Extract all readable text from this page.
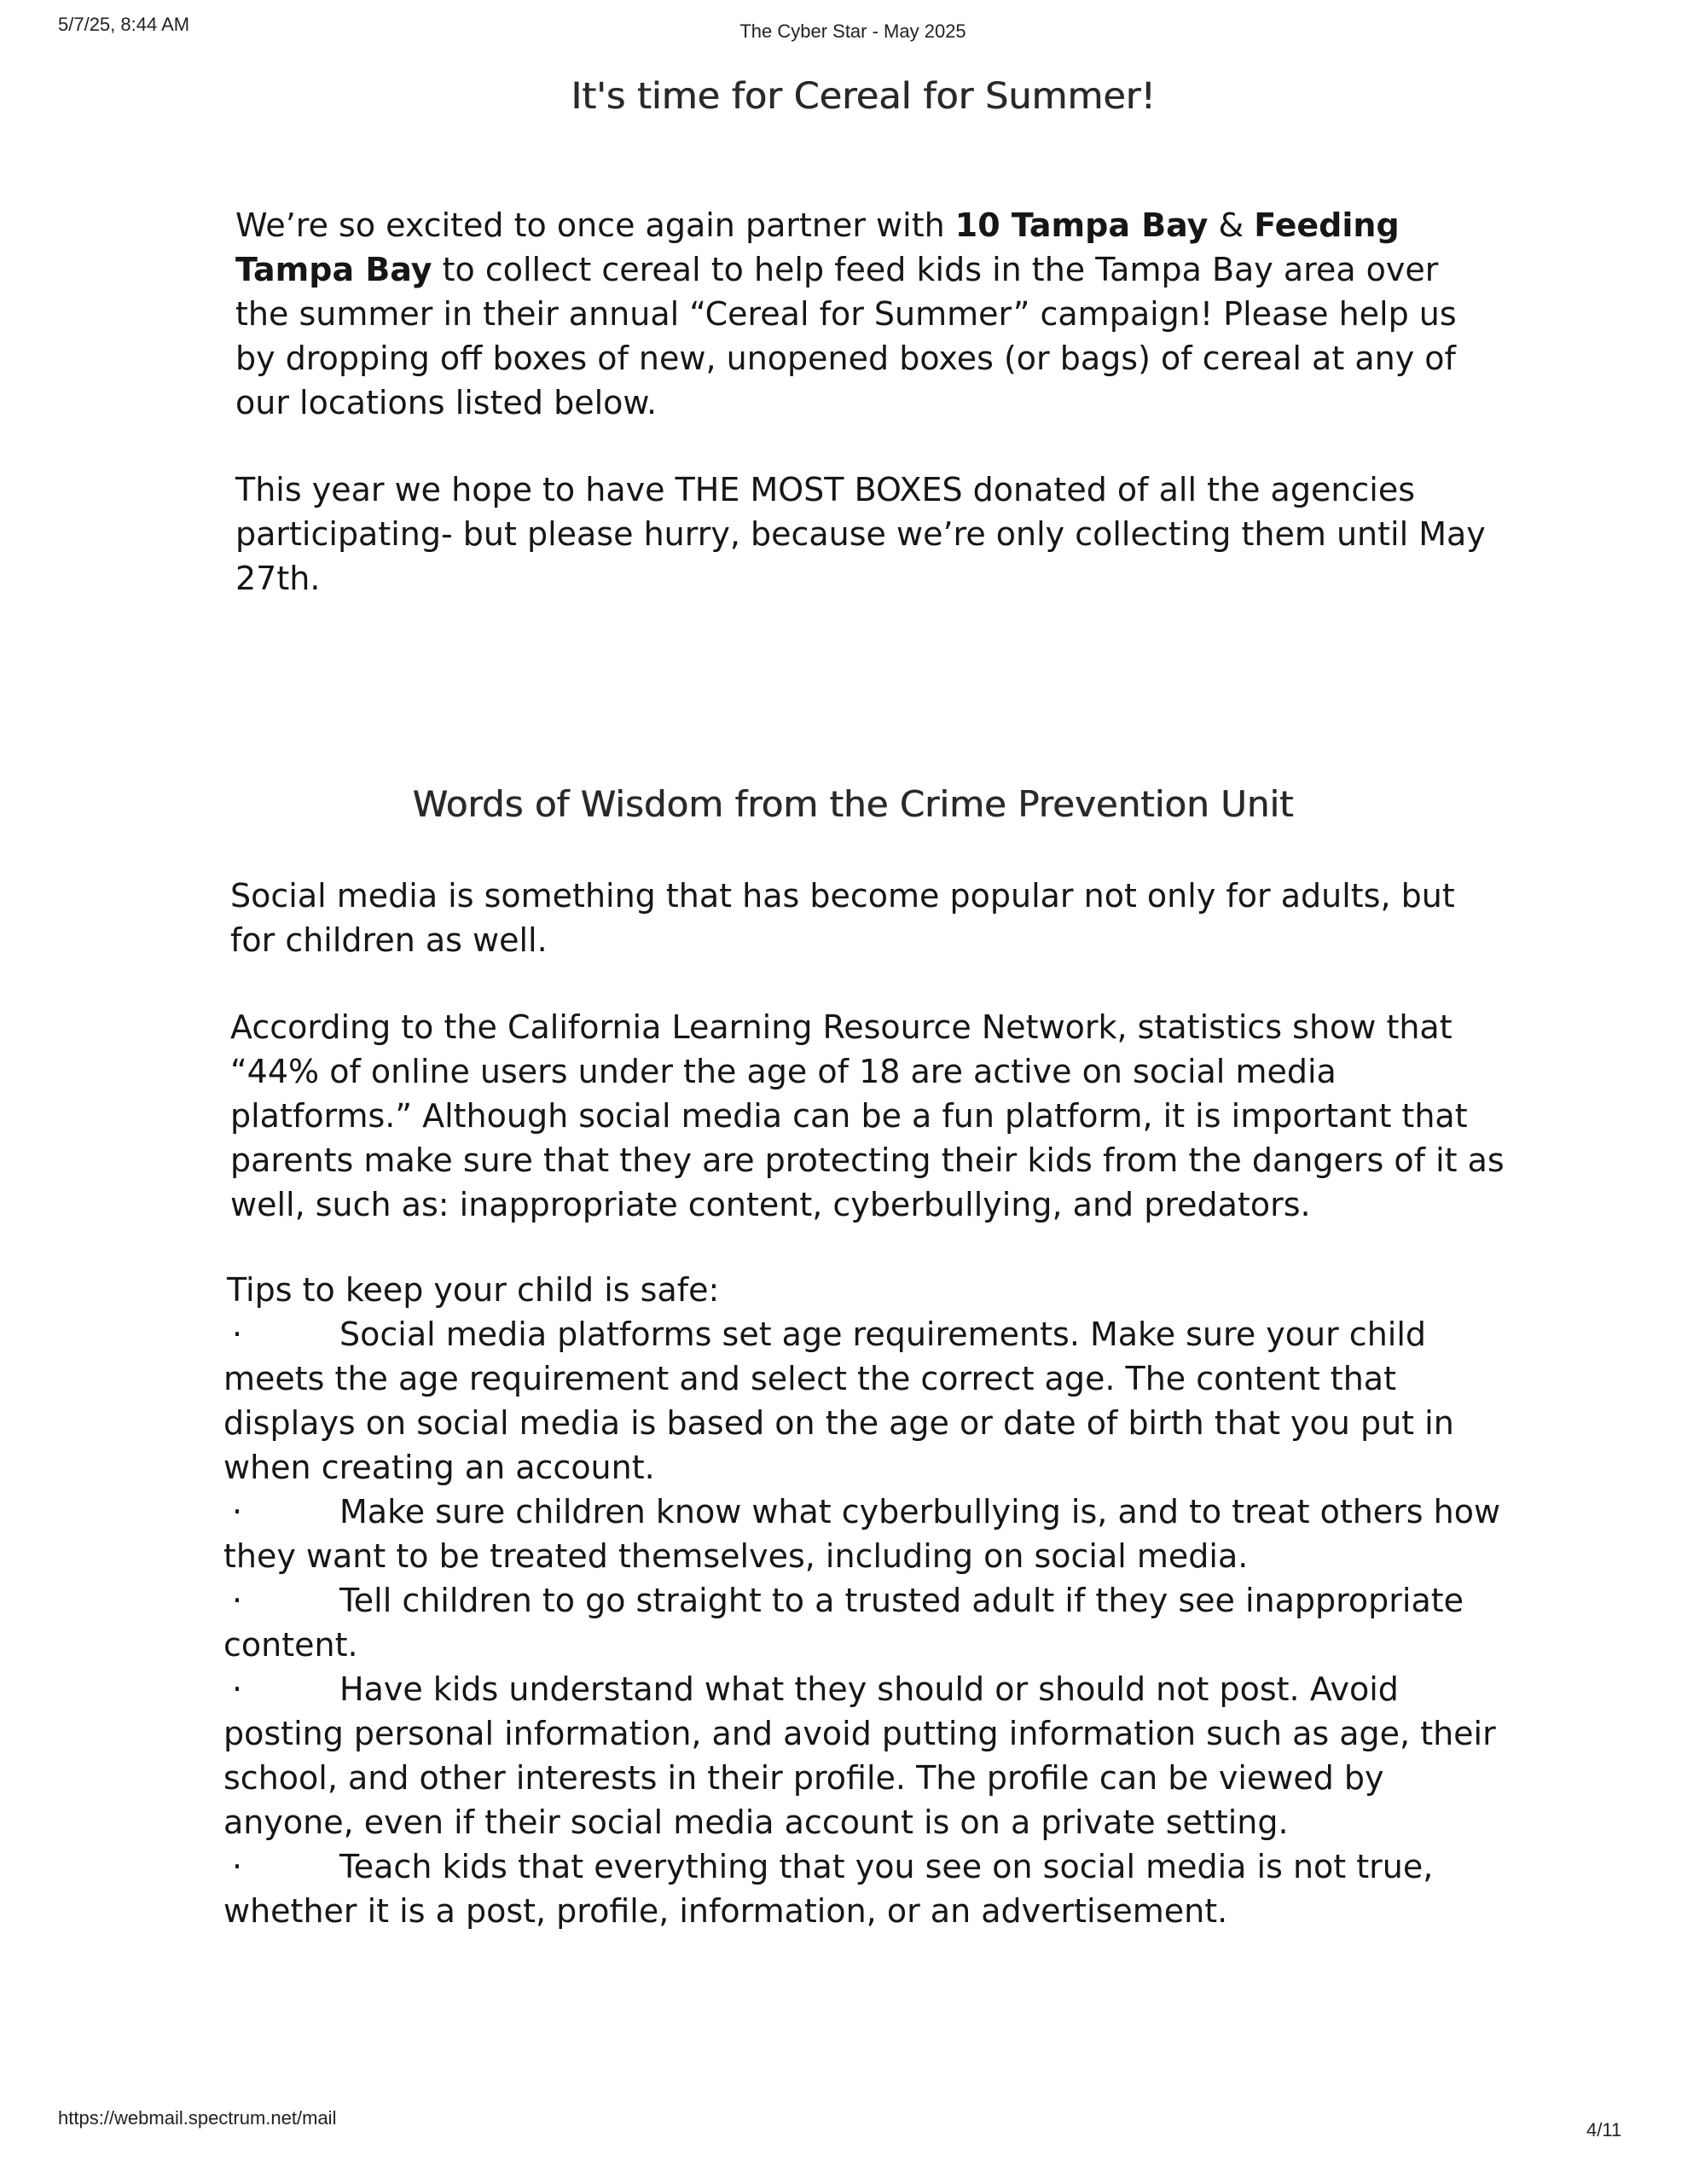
5/7/25, 8:44 AM	The Cyber Star - May 2025
It's time for Cereal for Summer!

We’re so excited to once again partner with 10 Tampa Bay & Feeding Tampa Bay to collect cereal to help feed kids in the Tampa Bay area over the summer in their annual “Cereal for Summer” campaign! Please help us by dropping off boxes of new, unopened boxes (or bags) of cereal at any of our locations listed below.

This year we hope to have THE MOST BOXES donated of all the agencies participating- but please hurry, because we’re only collecting them until May 27th.

Words of Wisdom from the Crime Prevention Unit

Social media is something that has become popular not only for adults, but for children as well.

According to the California Learning Resource Network, statistics show that “44% of online users under the age of 18 are active on social media platforms.” Although social media can be a fun platform, it is important that parents make sure that they are protecting their kids from the dangers of it as well, such as: inappropriate content, cyberbullying, and predators.

Tips to keep your child is safe:
·	Social media platforms set age requirements. Make sure your child meets the age requirement and select the correct age. The content that displays on social media is based on the age or date of birth that you put in when creating an account.
·	Make sure children know what cyberbullying is, and to treat others how they want to be treated themselves, including on social media.
·	Tell children to go straight to a trusted adult if they see inappropriate content.
·	Have kids understand what they should or should not post. Avoid posting personal information, and avoid putting information such as age, their school, and other interests in their profile. The profile can be viewed by anyone, even if their social media account is on a private setting.
·	Teach kids that everything that you see on social media is not true, whether it is a post, profile, information, or an advertisement.
https://webmail.spectrum.net/mail
4/11
